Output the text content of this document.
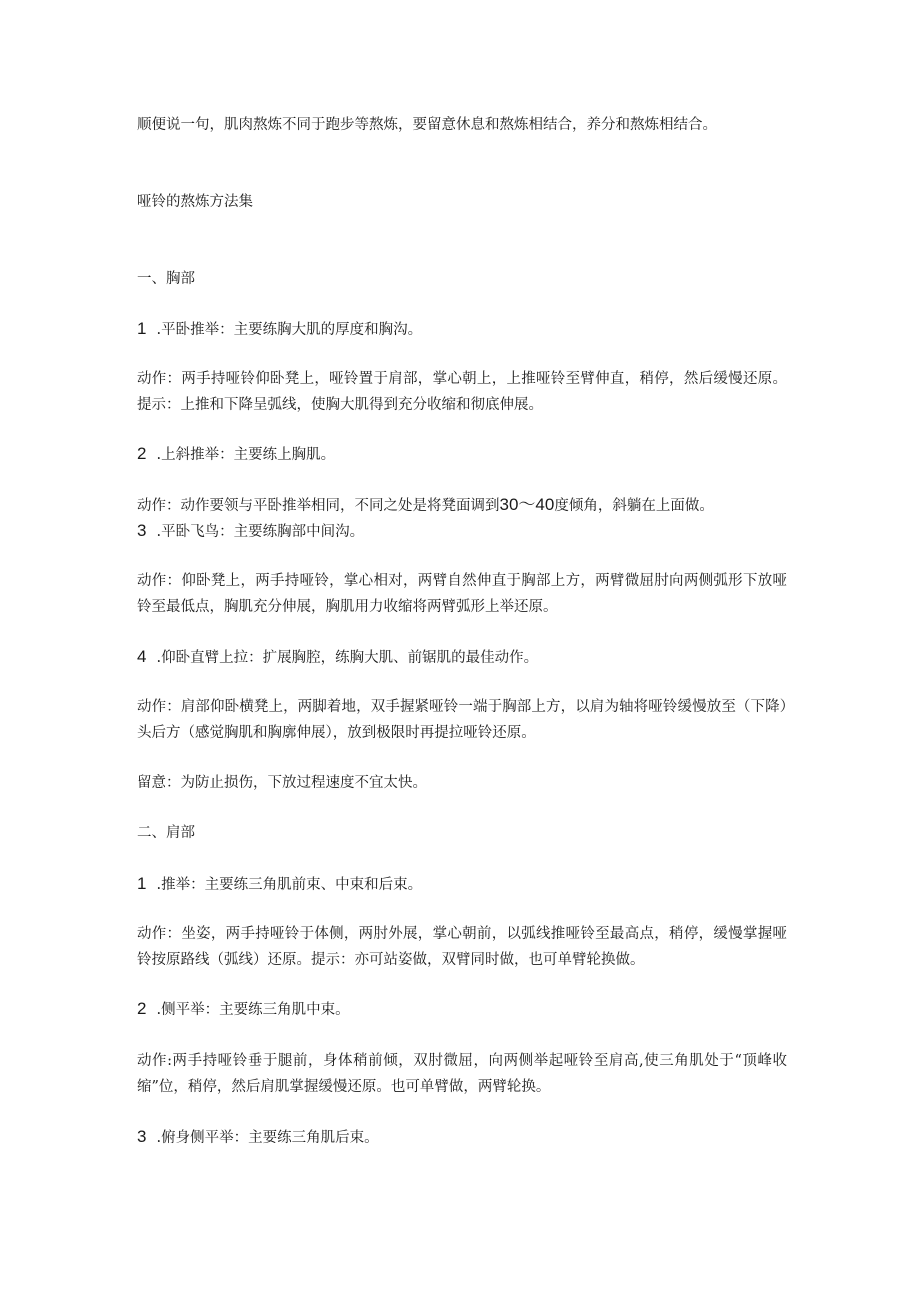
顺便说一句，肌肉熬炼不同于跑步等熬炼，要留意休息和熬炼相结合，养分和熬炼相结合。
哑铃的熬炼方法集
一、胸部
1 .平卧推举：主要练胸大肌的厚度和胸沟。
动作：两手持哑铃仰卧凳上，哑铃置于肩部，掌心朝上，上推哑铃至臂伸直，稍停，然后缓慢还原。提示：上推和下降呈弧线，使胸大肌得到充分收缩和彻底伸展。
2 .上斜推举：主要练上胸肌。
动作：动作要领与平卧推举相同，不同之处是将凳面调到30～40度倾角，斜躺在上面做。
3 .平卧飞鸟：主要练胸部中间沟。
动作：仰卧凳上，两手持哑铃，掌心相对，两臂自然伸直于胸部上方，两臂微屈肘向两侧弧形下放哑铃至最低点，胸肌充分伸展，胸肌用力收缩将两臂弧形上举还原。
4 .仰卧直臂上拉：扩展胸腔，练胸大肌、前锯肌的最佳动作。
动作：肩部仰卧横凳上，两脚着地，双手握紧哑铃一端于胸部上方，以肩为轴将哑铃缓慢放至（下降）头后方（感觉胸肌和胸廓伸展），放到极限时再提拉哑铃还原。
留意：为防止损伤，下放过程速度不宜太快。
二、肩部
1 .推举：主要练三角肌前束、中束和后束。
动作：坐姿，两手持哑铃于体侧，两肘外展，掌心朝前，以弧线推哑铃至最高点，稍停，缓慢掌握哑铃按原路线（弧线）还原。提示：亦可站姿做，双臂同时做，也可单臂轮换做。
2 .侧平举：主要练三角肌中束。
动作:两手持哑铃垂于腿前，身体稍前倾，双肘微屈，向两侧举起哑铃至肩高,使三角肌处于“顶峰收缩”位，稍停，然后肩肌掌握缓慢还原。也可单臂做，两臂轮换。
3 .俯身侧平举：主要练三角肌后束。
